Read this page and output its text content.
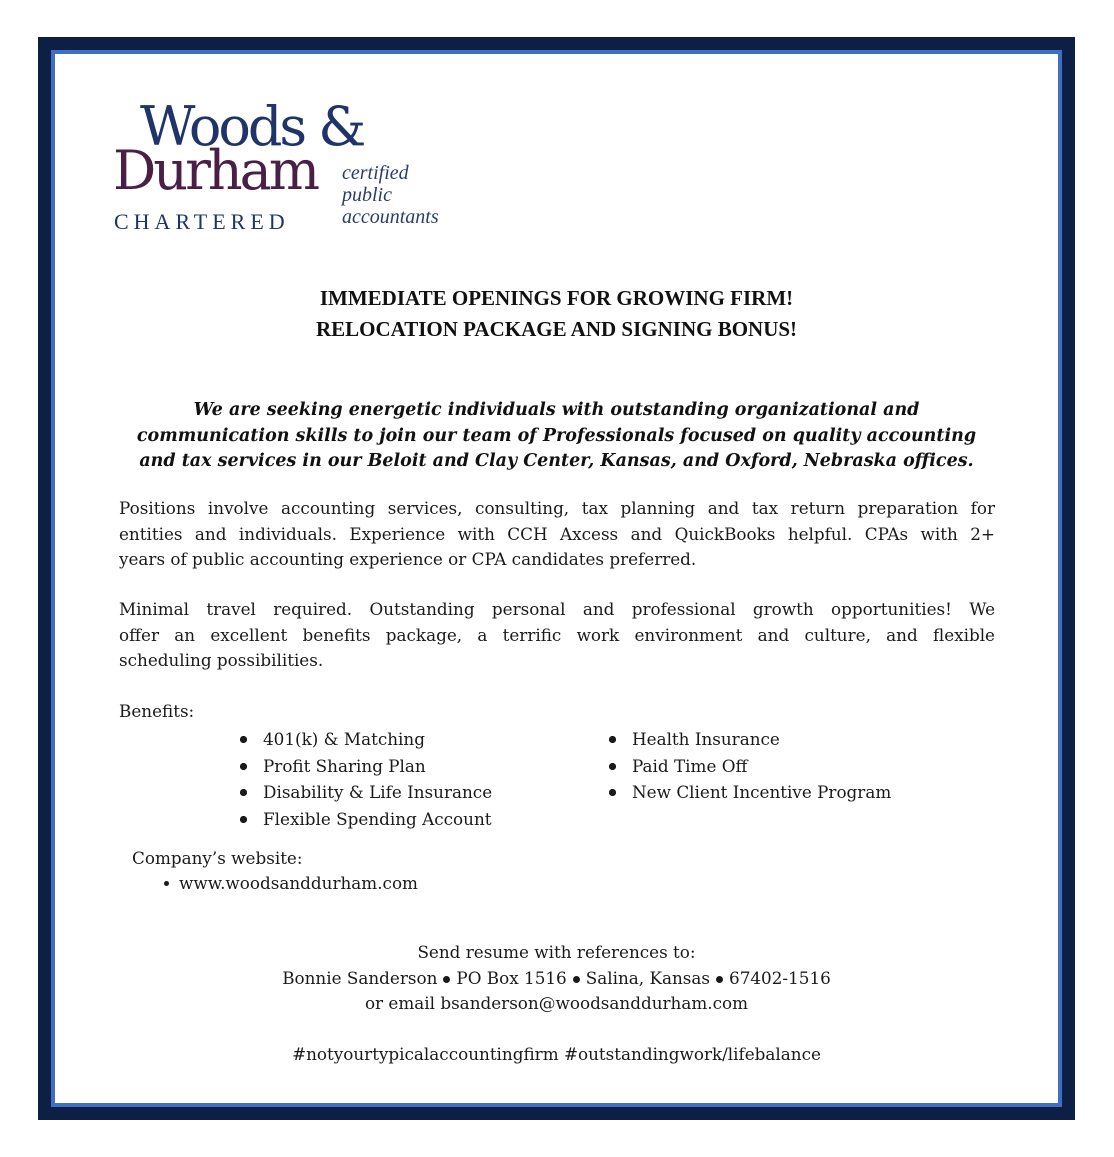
Woods &
Durham
CHARTERED
certified
public
accountants
IMMEDIATE OPENINGS FOR GROWING FIRM!
RELOCATION PACKAGE AND SIGNING BONUS!
We are seeking energetic individuals with outstanding organizational and
communication skills to join our team of Professionals focused on quality accounting
and tax services in our Beloit and Clay Center, Kansas, and Oxford, Nebraska offices.
Positions involve accounting services, consulting, tax planning and tax return preparation for
entities and individuals. Experience with CCH Axcess and QuickBooks helpful. CPAs with 2+
years of public accounting experience or CPA candidates preferred.
Minimal travel required. Outstanding personal and professional growth opportunities! We
offer an excellent benefits package, a terrific work environment and culture, and flexible
scheduling possibilities.
Benefits:
401(k) & Matching
Profit Sharing Plan
Disability & Life Insurance
Flexible Spending Account
Health Insurance
Paid Time Off
New Client Incentive Program
Company’s website:
www.woodsanddurham.com
Send resume with references to:
Bonnie Sanderson PO Box 1516 Salina, Kansas 67402-1516
or email bsanderson@woodsanddurham.com
#notyourtypicalaccountingfirm #outstandingwork/lifebalance
